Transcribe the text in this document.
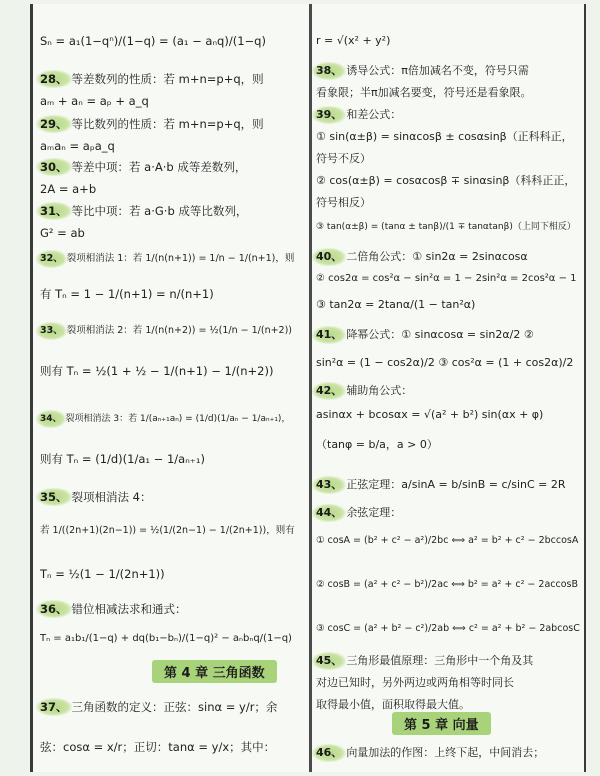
Sₙ = a₁(1−qⁿ)/(1−q) = (a₁ − aₙq)/(1−q)
28、 等差数列的性质：若 m+n=p+q，则
aₘ + aₙ = aₚ + a_q
29、 等比数列的性质：若 m+n=p+q，则
aₘaₙ = aₚa_q
30、 等差中项：若 a·A·b 成等差数列，
2A = a+b
31、 等比中项：若 a·G·b 成等比数列，
G² = ab
32、 裂项相消法 1：若 1/(n(n+1)) = 1/n − 1/(n+1)，则
有 Tₙ = 1 − 1/(n+1) = n/(n+1)
33、 裂项相消法 2：若 1/(n(n+2)) = ½(1/n − 1/(n+2))
则有 Tₙ = ½(1 + ½ − 1/(n+1) − 1/(n+2))
34、 裂项相消法 3：若 1/(aₙ₊₁aₙ) = (1/d)(1/aₙ − 1/aₙ₊₁)，
则有 Tₙ = (1/d)(1/a₁ − 1/aₙ₊₁)
35、 裂项相消法 4：
若 1/((2n+1)(2n−1)) = ½(1/(2n−1) − 1/(2n+1))，则有
Tₙ = ½(1 − 1/(2n+1))
36、 错位相减法求和通式：
Tₙ = a₁b₁/(1−q) + dq(b₁−bₙ)/(1−q)² − aₙbₙq/(1−q)
37、 三角函数的定义：正弦：sinα = y/r；余
弦：cosα = x/r；正切：tanα = y/x；其中：
第 4 章 三角函数
r = √(x² + y²)
38、 诱导公式：π倍加减名不变，符号只需
看象限；半π加减名要变，符号还是看象限。
39、 和差公式：
① sin(α±β) = sinαcosβ ± cosαsinβ（正科科正，
符号不反）
② cos(α±β) = cosαcosβ ∓ sinαsinβ（科科正正，
符号相反）
③ tan(α±β) = (tanα ± tanβ)/(1 ∓ tanαtanβ)（上同下相反）
40、 二倍角公式：① sin2α = 2sinαcosα
② cos2α = cos²α − sin²α = 1 − 2sin²α = 2cos²α − 1
③ tan2α = 2tanα/(1 − tan²α)
41、 降幂公式：① sinαcosα = sin2α/2 ②
sin²α = (1 − cos2α)/2 ③ cos²α = (1 + cos2α)/2
42、 辅助角公式：
asinαx + bcosαx = √(a² + b²) sin(αx + φ)
（tanφ = b/a，a > 0）
43、 正弦定理：a/sinA = b/sinB = c/sinC = 2R
44、 余弦定理：
① cosA = (b² + c² − a²)/2bc ⟺ a² = b² + c² − 2bccosA
② cosB = (a² + c² − b²)/2ac ⟺ b² = a² + c² − 2accosB
③ cosC = (a² + b² − c²)/2ab ⟺ c² = a² + b² − 2abcosC
45、 三角形最值原理：三角形中一个角及其
对边已知时，另外两边或两角相等时同长
取得最小值，面积取得最大值。
46、 向量加法的作图：上终下起，中间消去；
第 5 章 向量
